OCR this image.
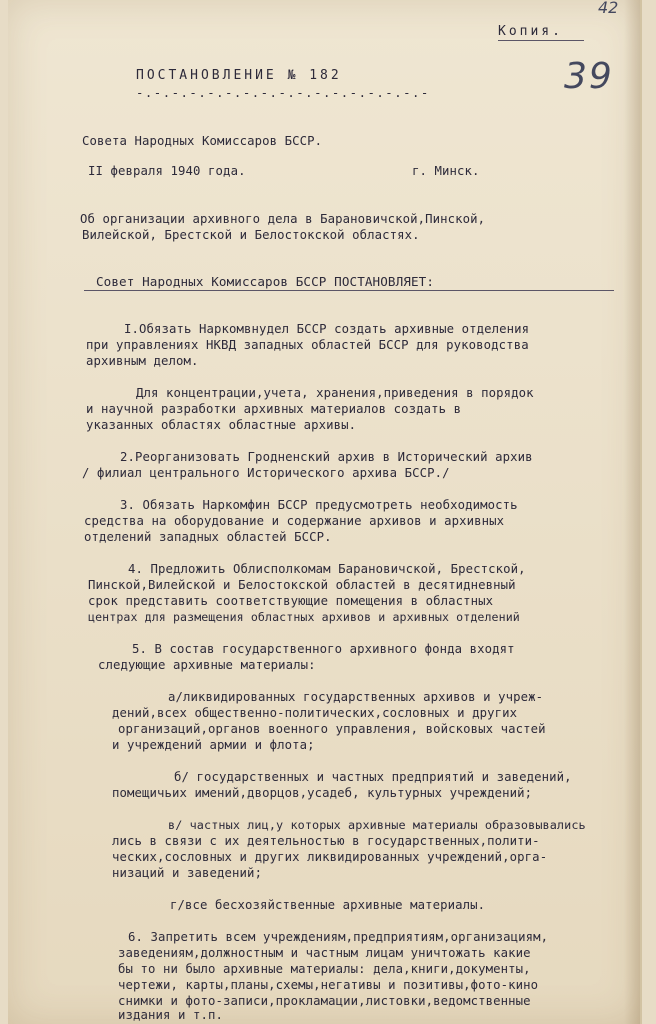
42
Копия.
39
ПОСТАНОВЛЕНИЕ № 182
-.-.-.-.-.-.-.-.-.-.-.-.-.-.-.-.-
Совета Народных Комиссаров БССР.
II февраля 1940 года.	г. Минск.
Об организации архивного дела в Барановичской,Пинской,
Вилейской, Брестской и Белостокской областях.
Совет Народных Комиссаров БССР ПОСТАНОВЛЯЕТ:
I.Обязать Наркомвнудел БССР создать архивные отделения
при управлениях НКВД западных областей БССР для руководства
архивным делом.
Для концентрации,учета, хранения,приведения в порядок
и научной разработки архивных материалов создать в
указанных областях областные архивы.
2.Реорганизовать Гродненский архив в Исторический архив
/ филиал центрального Исторического архива БССР./
3. Обязать Наркомфин БССР предусмотреть необходимость
средства на оборудование и содержание архивов и архивных
отделений западных областей БССР.
4. Предложить Облисполкомам Барановичской, Брестской,
Пинской,Вилейской и Белостокской областей в десятидневный
срок представить соответствующие помещения в областных
центрах для размещения областных архивов и архивных отделений
5. В состав государственного архивного фонда входят
следующие архивные материалы:
а/ликвидированных государственных архивов и учреж-
дений,всех общественно-политических,сословных и других
организаций,органов военного управления, войсковых частей
и учреждений армии и флота;
б/ государственных и частных предприятий и заведений,
помещичьих имений,дворцов,усадеб, культурных учреждений;
в/ частных лиц,у которых архивные материалы образовывались
лись в связи с их деятельностью в государственных,полити-
ческих,сословных и других ликвидированных учреждений,орга-
низаций и заведений;
г/все бесхозяйственные архивные материалы.
6. Запретить всем учреждениям,предприятиям,организациям,
заведениям,должностным и частным лицам уничтожать какие
бы то ни было архивные материалы: дела,книги,документы,
чертежи, карты,планы,схемы,негативы и позитивы,фото-кино
снимки и фото-записи,прокламации,листовки,ведомственные
издания и т.п.
